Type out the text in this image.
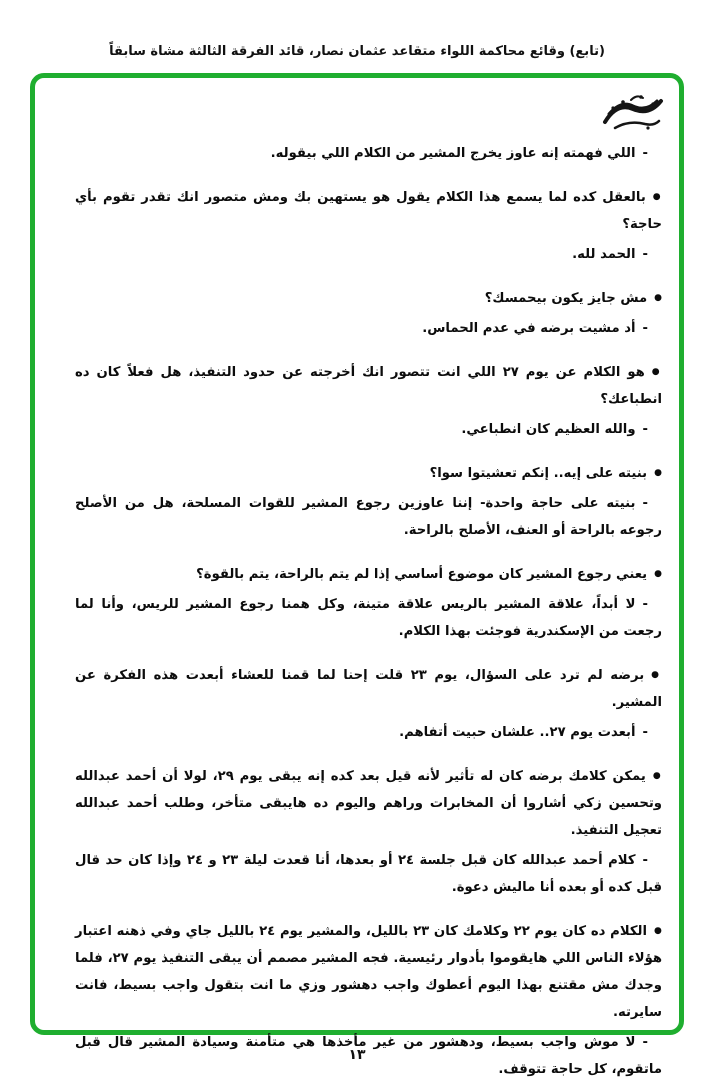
(تابع) وقائع محاكمة اللواء متقاعد عثمان نصار، قائد الفرقة الثالثة مشاة سابقاً

-اللي فهمته إنه عاوز يخرج المشير من الكلام اللي بيقوله.

●بالعقل كده لما يسمع هذا الكلام يقول هو يستهين بك ومش متصور انك تقدر تقوم بأي حاجة؟

-الحمد لله.

●مش جايز يكون بيحمسك؟

-أد مشيت برضه في عدم الحماس.

●هو الكلام عن يوم ٢٧ اللي انت تتصور انك أخرجته عن حدود التنفيذ، هل فعلاً كان ده انطباعك؟

-والله العظيم كان انطباعي.

●بنيته على إيه.. إنكم تعشيتوا سوا؟

-بنيته على حاجة واحدة- إننا عاوزين رجوع المشير للقوات المسلحة، هل من الأصلح رجوعه بالراحة أو العنف، الأصلح بالراحة.

●يعني رجوع المشير كان موضوع أساسي إذا لم يتم بالراحة، يتم بالقوة؟

-لا أبداً، علاقة المشير بالريس علاقة متينة، وكل همنا رجوع المشير للريس، وأنا لما رجعت من الإسكندرية فوجئت بهذا الكلام.

●برضه لم ترد على السؤال، يوم ٢٣ قلت إحنا لما قمنا للعشاء أبعدت هذه الفكرة عن المشير.

-أبعدت يوم ٢٧.. علشان حبيت أتفاهم.

●يمكن كلامك برضه كان له تأثير لأنه قيل بعد كده إنه يبقى يوم ٢٩، لولا أن أحمد عبدالله وتحسين زكي أشاروا أن المخابرات وراهم واليوم ده هايبقى متأخر، وطلب أحمد عبدالله تعجيل التنفيذ.

-كلام أحمد عبدالله كان قبل جلسة ٢٤ أو بعدها، أنا قعدت ليلة ٢٣ و ٢٤ وإذا كان حد قال قبل كده أو بعده أنا ماليش دعوة.

●الكلام ده كان يوم ٢٢ وكلامك كان ٢٣ بالليل، والمشير يوم ٢٤ بالليل جاي وفي ذهنه اعتبار هؤلاء الناس اللي هايقوموا بأدوار رئيسية. فجه المشير مصمم أن يبقى التنفيذ يوم ٢٧، فلما وجدك مش مقتنع بهذا اليوم أعطوك واجب دهشور وزي ما انت بتقول واجب بسيط، فانت سايرته.

-لا موش واجب بسيط، ودهشور من غير مأخذها هي متأمنة وسيادة المشير قال قبل ماتقوم، كل حاجة تتوقف.

١٣
